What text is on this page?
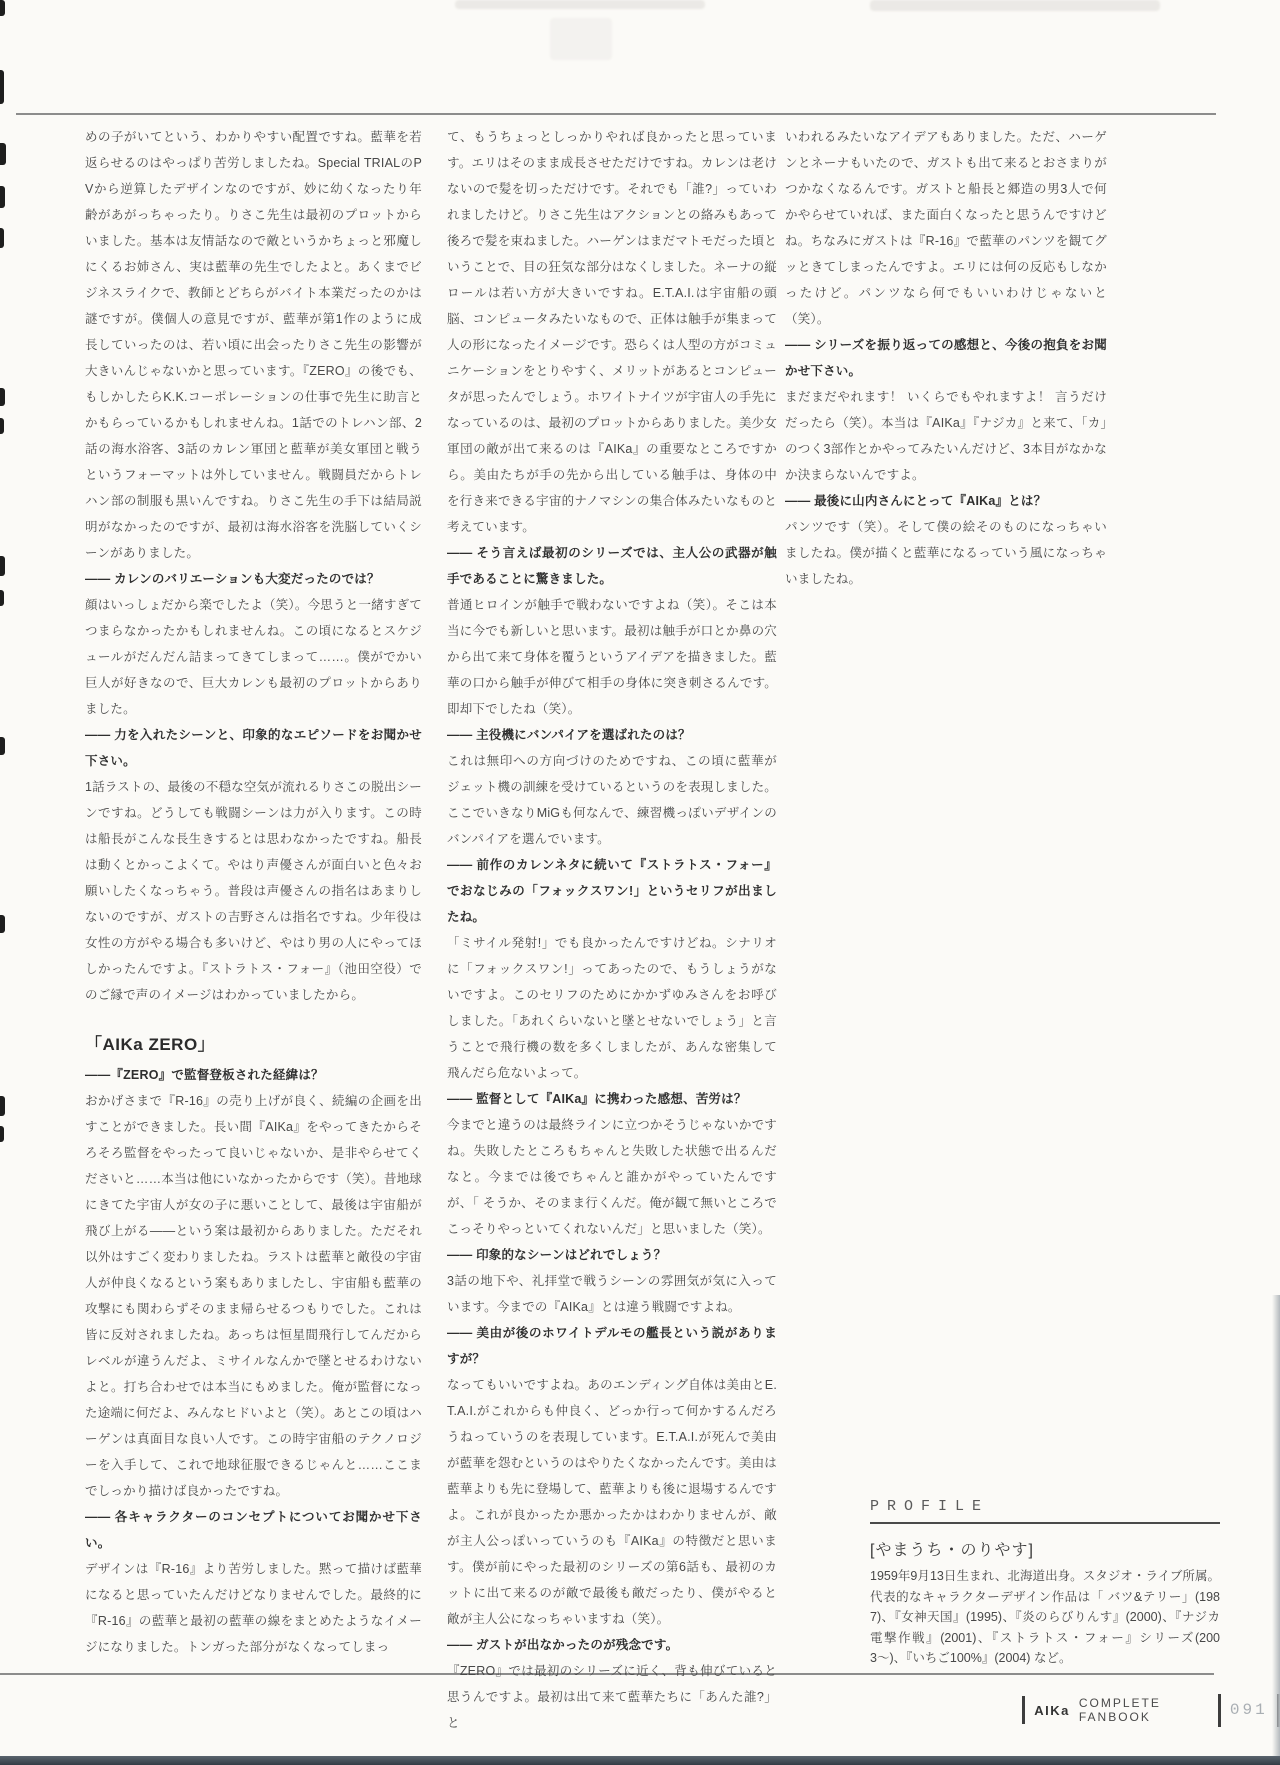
めの子がいてという、わかりやすい配置ですね。藍華を若返らせるのはやっぱり苦労しましたね。Special TRIALのPVから逆算したデザインなのですが、妙に幼くなったり年齢があがっちゃったり。りさこ先生は最初のプロットからいました。基本は友情話なので敵というかちょっと邪魔しにくるお姉さん、実は藍華の先生でしたよと。あくまでビジネスライクで、教師とどちらがバイト本業だったのかは謎ですが。僕個人の意見ですが、藍華が第1作のように成長していったのは、若い頃に出会ったりさこ先生の影響が大きいんじゃないかと思っています。『ZERO』の後でも、もしかしたらK.K.コーポレーションの仕事で先生に助言とかもらっているかもしれませんね。1話でのトレハン部、2話の海水浴客、3話のカレン軍団と藍華が美女軍団と戦うというフォーマットは外していません。戦闘員だからトレハン部の制服も黒いんですね。りさこ先生の手下は結局説明がなかったのですが、最初は海水浴客を洗脳していくシーンがありました。

―― カレンのバリエーションも大変だったのでは？

顔はいっしょだから楽でしたよ（笑）。今思うと一緒すぎてつまらなかったかもしれませんね。この頃になるとスケジュールがだんだん詰まってきてしまって……。僕がでかい巨人が好きなので、巨大カレンも最初のプロットからありました。

―― 力を入れたシーンと、印象的なエピソードをお聞かせ下さい。

1話ラストの、最後の不穏な空気が流れるりさこの脱出シーンですね。どうしても戦闘シーンは力が入ります。この時は船長がこんな長生きするとは思わなかったですね。船長は動くとかっこよくて。やはり声優さんが面白いと色々お願いしたくなっちゃう。普段は声優さんの指名はあまりしないのですが、ガストの吉野さんは指名ですね。少年役は女性の方がやる場合も多いけど、やはり男の人にやってほしかったんですよ。『ストラトス・フォー』（池田空役）でのご縁で声のイメージはわかっていましたから。

「AIKa ZERO」

――『ZERO』で監督登板された経緯は？

おかげさまで『R-16』の売り上げが良く、続編の企画を出すことができました。長い間『AIKa』をやってきたからそろそろ監督をやったって良いじゃないか、是非やらせてくださいと……本当は他にいなかったからです（笑）。昔地球にきてた宇宙人が女の子に悪いことして、最後は宇宙船が飛び上がる――という案は最初からありました。ただそれ以外はすごく変わりましたね。ラストは藍華と敵役の宇宙人が仲良くなるという案もありましたし、宇宙船も藍華の攻撃にも関わらずそのまま帰らせるつもりでした。これは皆に反対されましたね。あっちは恒星間飛行してんだからレベルが違うんだよ、ミサイルなんかで墜とせるわけないよと。打ち合わせでは本当にもめました。俺が監督になった途端に何だよ、みんなヒドいよと（笑）。あとこの頃はハーゲンは真面目な良い人です。この時宇宙船のテクノロジーを入手して、これで地球征服できるじゃんと……ここまでしっかり描けば良かったですね。

―― 各キャラクターのコンセプトについてお聞かせ下さい。

デザインは『R-16』より苦労しました。黙って描けば藍華になると思っていたんだけどなりませんでした。最終的に『R-16』の藍華と最初の藍華の線をまとめたようなイメージになりました。トンガった部分がなくなってしまっ

て、もうちょっとしっかりやれば良かったと思っています。エリはそのまま成長させただけですね。カレンは老けないので髪を切っただけです。それでも「誰?」っていわれましたけど。りさこ先生はアクションとの絡みもあって後ろで髪を束ねました。ハーゲンはまだマトモだった頃ということで、目の狂気な部分はなくしました。ネーナの縦ロールは若い方が大きいですね。E.T.A.I.は宇宙船の頭脳、コンピュータみたいなもので、正体は触手が集まって人の形になったイメージです。恐らくは人型の方がコミュニケーションをとりやすく、メリットがあるとコンピュータが思ったんでしょう。ホワイトナイツが宇宙人の手先になっているのは、最初のプロットからありました。美少女軍団の敵が出て来るのは『AIKa』の重要なところですから。美由たちが手の先から出している触手は、身体の中を行き来できる宇宙的ナノマシンの集合体みたいなものと考えています。

―― そう言えば最初のシリーズでは、主人公の武器が触手であることに驚きました。

普通ヒロインが触手で戦わないですよね（笑）。そこは本当に今でも新しいと思います。最初は触手が口とか鼻の穴から出て来て身体を覆うというアイデアを描きました。藍華の口から触手が伸びて相手の身体に突き刺さるんです。即却下でしたね（笑）。

―― 主役機にバンパイアを選ばれたのは？

これは無印への方向づけのためですね、この頃に藍華がジェット機の訓練を受けているというのを表現しました。ここでいきなりMiGも何なんで、練習機っぽいデザインのバンパイアを選んでいます。

―― 前作のカレンネタに続いて『ストラトス・フォー』でおなじみの「フォックスワン!」というセリフが出ましたね。

「ミサイル発射!」でも良かったんですけどね。シナリオに「フォックスワン!」ってあったので、もうしょうがないですよ。このセリフのためにかかずゆみさんをお呼びしました。「あれくらいないと墜とせないでしょう」と言うことで飛行機の数を多くしましたが、あんな密集して飛んだら危ないよって。

―― 監督として『AIKa』に携わった感想、苦労は？

今までと違うのは最終ラインに立つかそうじゃないかですね。失敗したところもちゃんと失敗した状態で出るんだなと。今までは後でちゃんと誰かがやっていたんですが、「 そうか、そのまま行くんだ。俺が観て無いところでこっそりやっといてくれないんだ」と思いました（笑）。

―― 印象的なシーンはどれでしょう？

3話の地下や、礼拝堂で戦うシーンの雰囲気が気に入っています。今までの『AIKa』とは違う戦闘ですよね。

―― 美由が後のホワイトデルモの艦長という説がありますが？

なってもいいですよね。あのエンディング自体は美由とE.T.A.I.がこれからも仲良く、どっか行って何かするんだろうねっていうのを表現しています。E.T.A.I.が死んで美由が藍華を怨むというのはやりたくなかったんです。美由は藍華よりも先に登場して、藍華よりも後に退場するんですよ。これが良かったか悪かったかはわかりませんが、敵が主人公っぽいっていうのも『AIKa』の特徴だと思います。僕が前にやった最初のシリーズの第6話も、最初のカットに出て来るのが敵で最後も敵だったり、僕がやると敵が主人公になっちゃいますね（笑）。

―― ガストが出なかったのが残念です。

『ZERO』では最初のシリーズに近く、背も伸びていると思うんですよ。最初は出て来て藍華たちに「あんた誰?」と

いわれるみたいなアイデアもありました。ただ、ハーゲンとネーナもいたので、ガストも出て来るとおさまりがつかなくなるんです。ガストと船長と郷造の男3人で何かやらせていれば、また面白くなったと思うんですけどね。ちなみにガストは『R-16』で藍華のパンツを観てグッときてしまったんですよ。エリには何の反応もしなかったけど。パンツなら何でもいいわけじゃないと（笑）。

―― シリーズを振り返っての感想と、今後の抱負をお聞かせ下さい。

まだまだやれます！ いくらでもやれますよ！ 言うだけだったら（笑）。本当は『AIKa』『ナジカ』と来て、「カ」のつく3部作とかやってみたいんだけど、3本目がなかなか決まらないんですよ。

―― 最後に山内さんにとって『AIKa』とは？

パンツです（笑）。そして僕の絵そのものになっちゃいましたね。僕が描くと藍華になるっていう風になっちゃいましたね。

PROFILE
[やまうち・のりやす]
1959年9月13日生まれ、北海道出身。スタジオ・ライブ所属。代表的なキャラクターデザイン作品は「 バツ&テリー」(1987)、『女神天国』(1995)、『炎のらびりんす』(2000)、『ナジカ電撃作戦』(2001)、『ストラトス・フォー』シリーズ(2003〜)、『いちご100%』(2004) など。
AIKa COMPLETE FANBOOK	091
